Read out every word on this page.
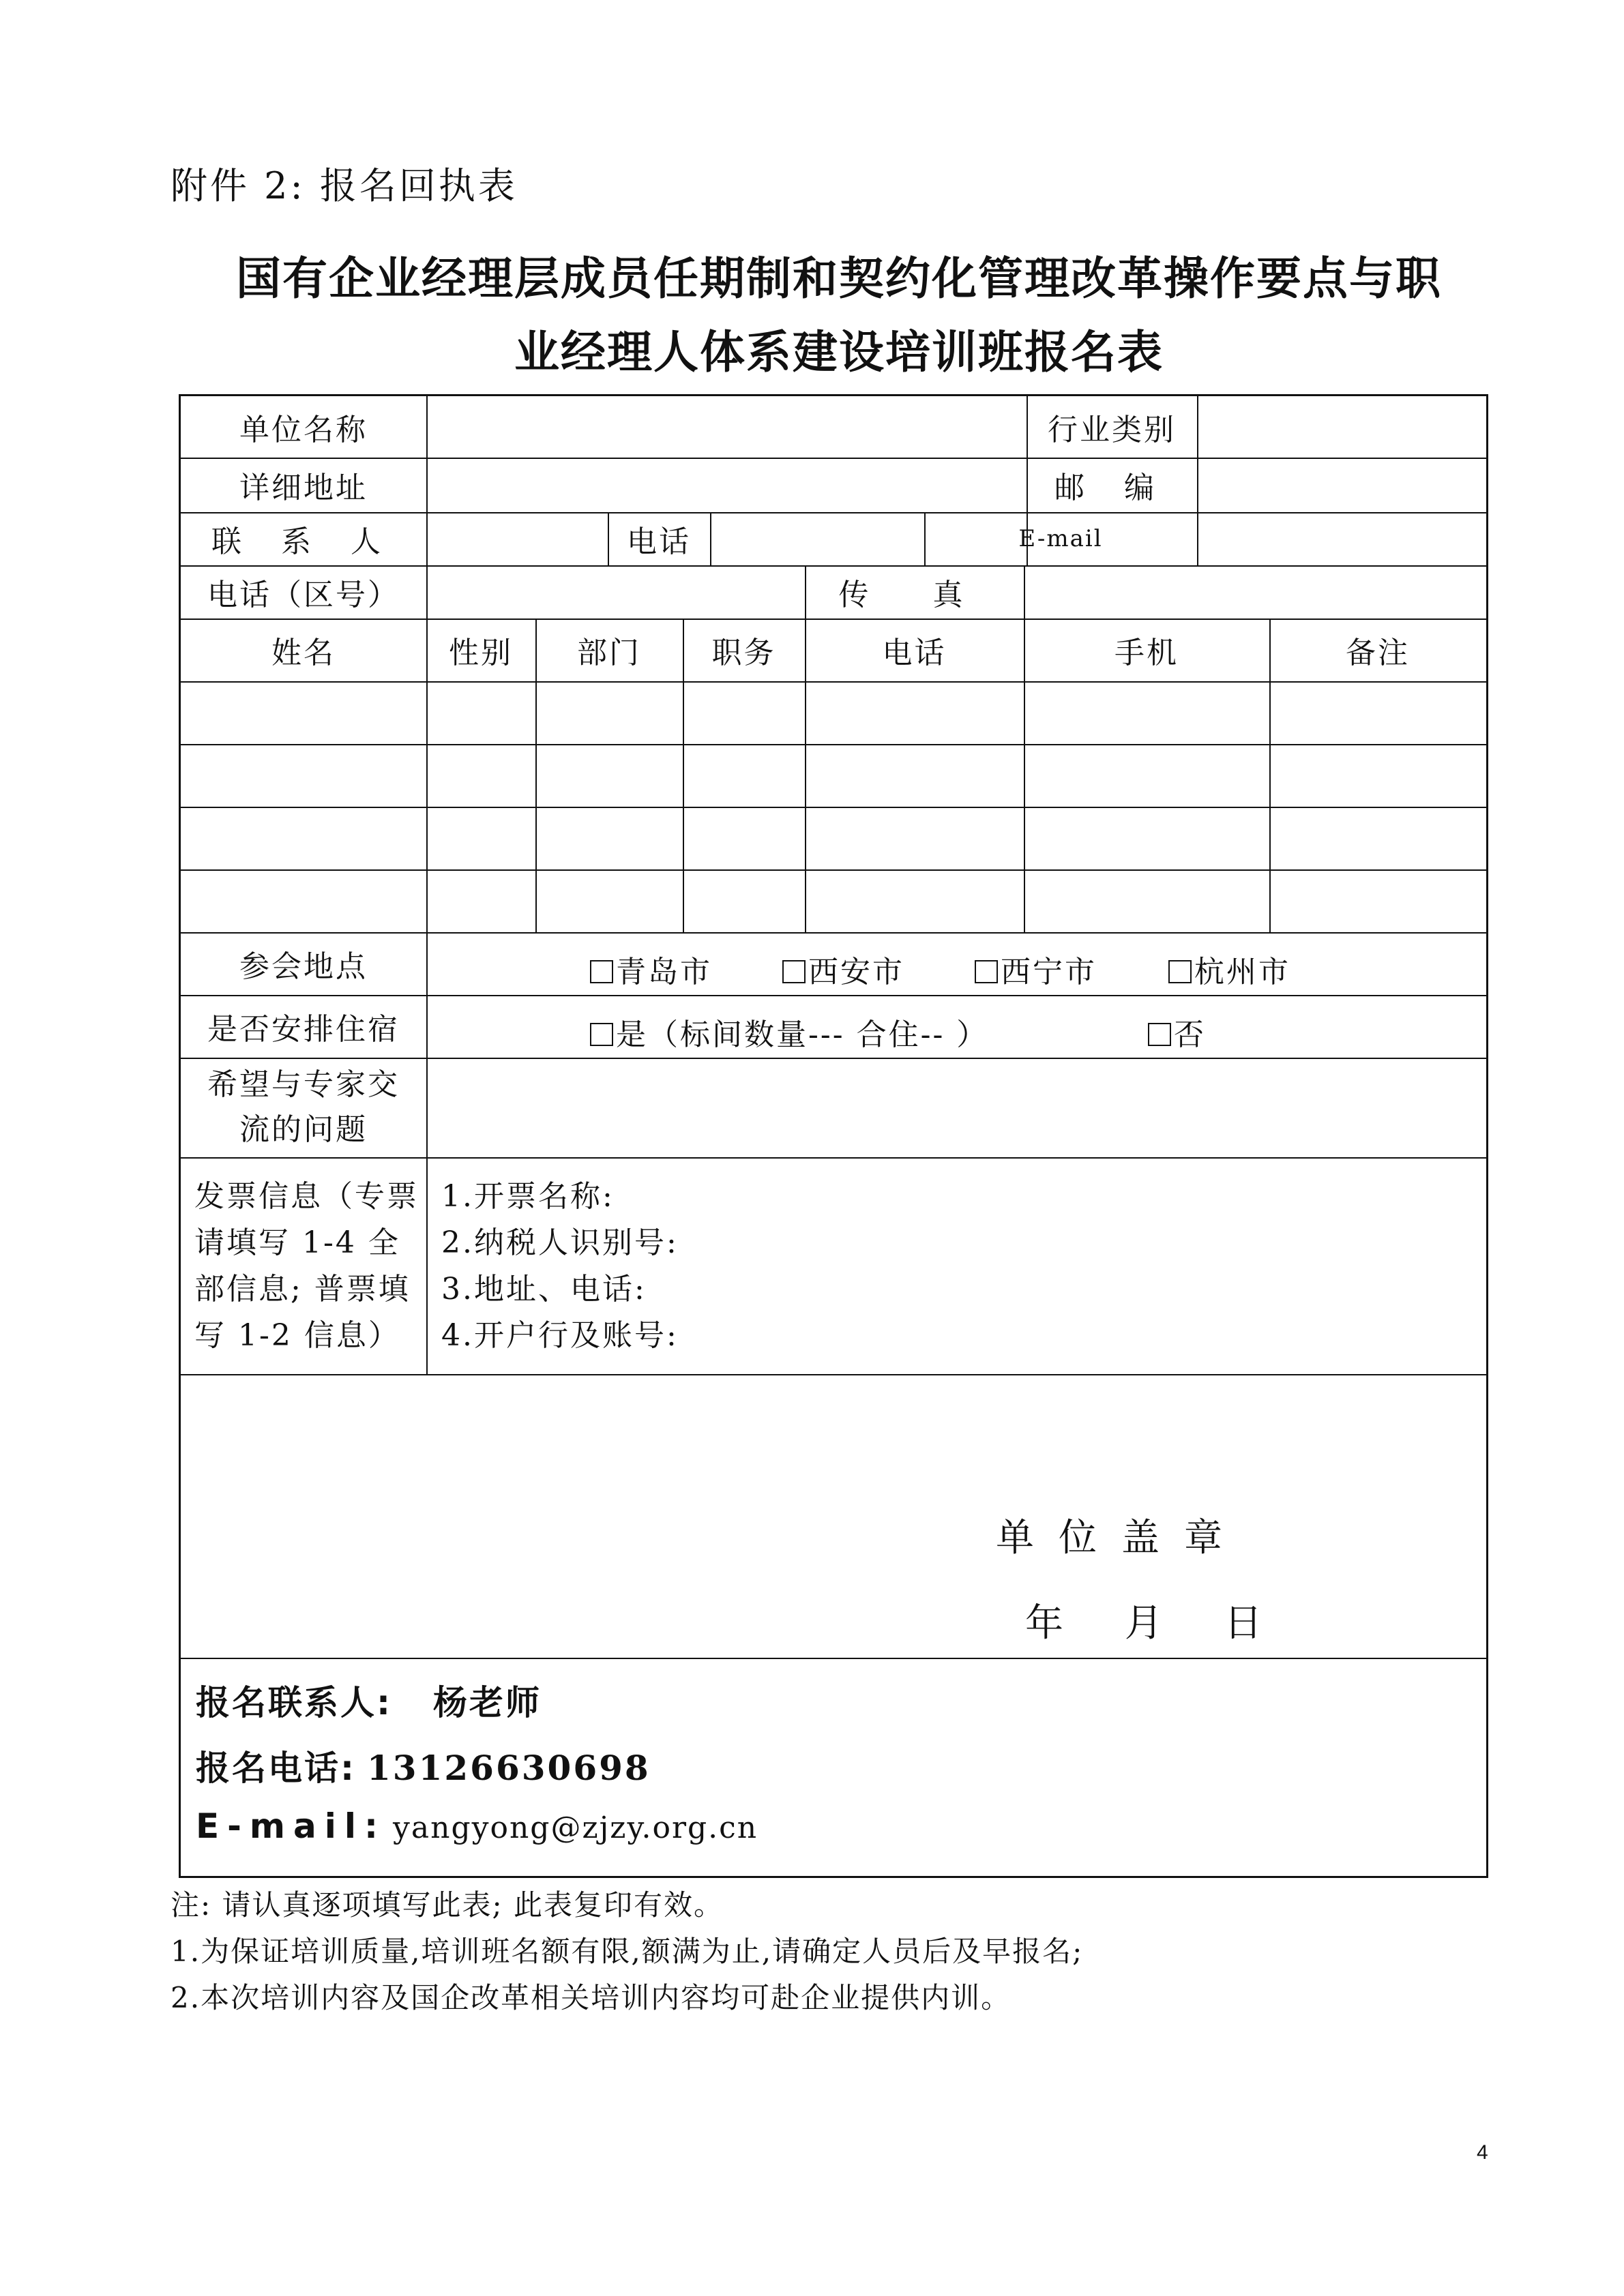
附件 2: 报名回执表
国有企业经理层成员任期制和契约化管理改革操作要点与职
业经理人体系建设培训班报名表
单位名称	行业类别
详细地址	邮 编
联 系 人	电话	E-mail
电话（区号）	传 真
姓名	性别	部门	职务	电话	手机	备注
参会地点	青岛市	西安市	西宁市	杭州市
是否安排住宿	是（标间数量--- 合住-- ）	否
希望与专家交
流的问题
发票信息（专票
请填写 1-4 全
部信息; 普票填
写 1-2 信息）
1.开票名称:
2.纳税人识别号:
3.地址、电话:
4.开户行及账号:
单位盖章
年 月 日
报名联系人: 杨老师
报名电话: 13126630698
E-mail: yangyong@zjzy.org.cn
注: 请认真逐项填写此表; 此表复印有效。
1.为保证培训质量,培训班名额有限,额满为止,请确定人员后及早报名;
2.本次培训内容及国企改革相关培训内容均可赴企业提供内训。
4
